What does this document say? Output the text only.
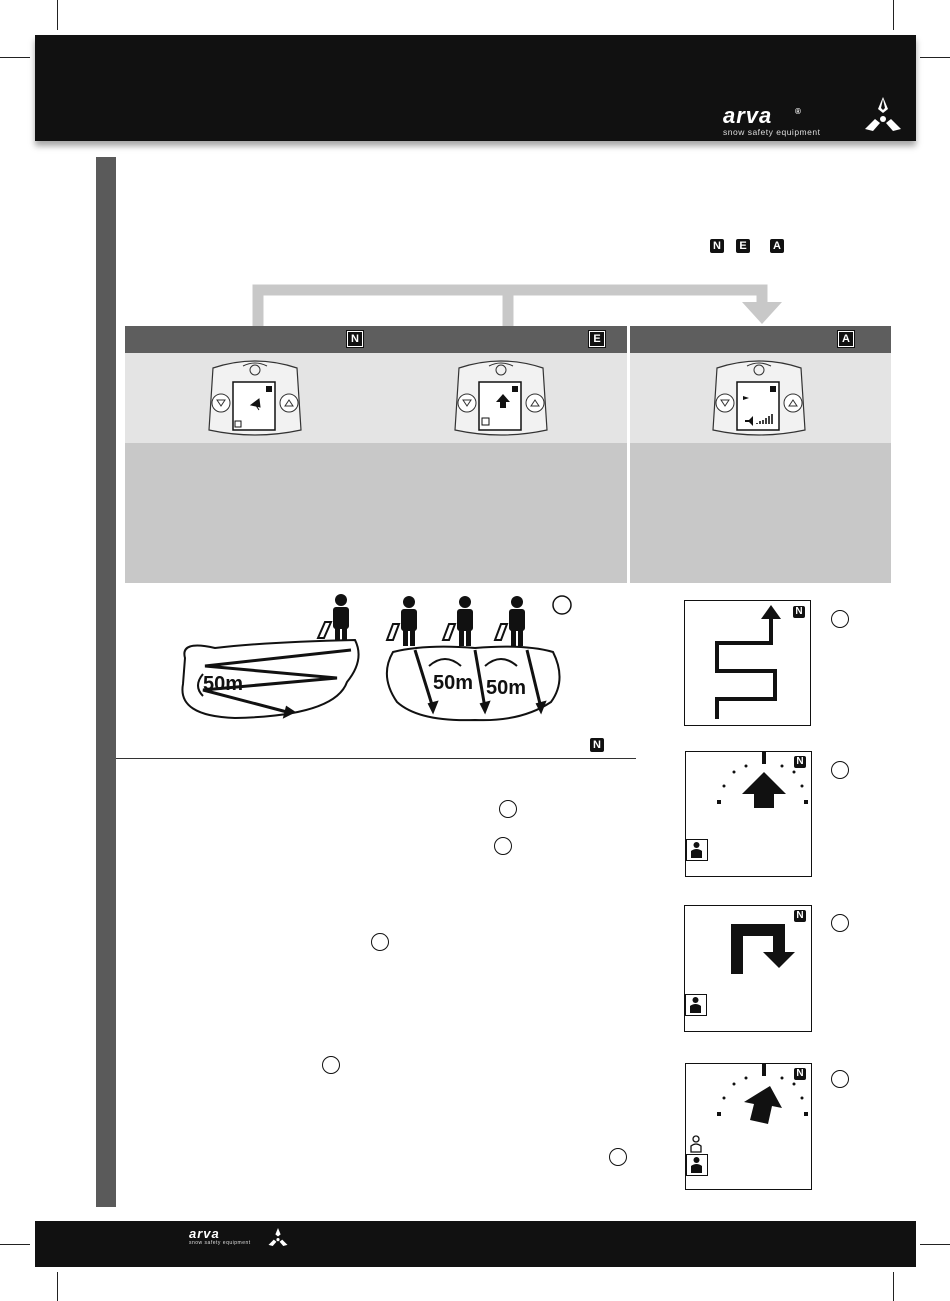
arva	®
snow safety equipment
N	E	A
N	E	A
50m	50m 50m
N
N
N
N
N
arva
snow safety equipment
